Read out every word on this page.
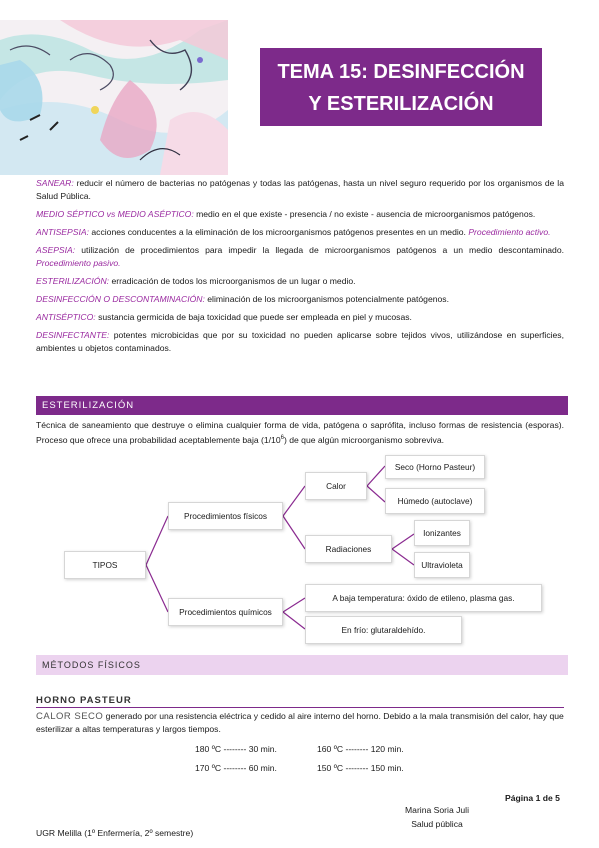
TEMA 15: DESINFECCIÓN
Y ESTERILIZACIÓN

SANEAR: reducir el número de bacterias no patógenas y todas las patógenas, hasta un nivel seguro requerido por los organismos de la Salud Pública.

MEDIO SÉPTICO vs MEDIO ASÉPTICO: medio en el que existe - presencia / no existe - ausencia de microorganismos patógenos.

ANTISEPSIA: acciones conducentes a la eliminación de los microorganismos patógenos presentes en un medio. Procedimiento activo.

ASEPSIA: utilización de procedimientos para impedir la llegada de microorganismos patógenos a un medio descontaminado. Procedimiento pasivo.

ESTERILIZACIÓN: erradicación de todos los microorganismos de un lugar o medio.

DESINFECCIÓN O DESCONTAMINACIÓN: eliminación de los microorganismos potencialmente patógenos.

ANTISÉPTICO: sustancia germicida de baja toxicidad que puede ser empleada en piel y mucosas.

DESINFECTANTE: potentes microbicidas que por su toxicidad no pueden aplicarse sobre tejidos vivos, utilizándose en superficies, ambientes u objetos contaminados.

ESTERILIZACIÓN

Técnica de saneamiento que destruye o elimina cualquier forma de vida, patógena o saprófita, incluso formas de resistencia (esporas). Proceso que ofrece una probabilidad aceptablemente baja $(1/10^6)$ de que algún microorganismo sobreviva.

TIPOS
Procedimientos físicos
Procedimientos químicos
Calor
Radiaciones
Seco (Horno Pasteur)
Húmedo (autoclave)
Ionizantes
Ultravioleta
A baja temperatura: óxido de etileno, plasma gas.
En frío: glutaraldehído.
MÉTODOS FÍSICOS
HORNO PASTEUR

CALOR SECO generado por una resistencia eléctrica y cedido al aire interno del horno. Debido a la mala transmisión del calor, hay que esterilizar a altas temperaturas y largos tiempos.

180 ºC -------- 30 min.	160 ºC -------- 120 min.
170 ºC -------- 60 min.	150 ºC -------- 150 min.
Página 1 de 5
Marina Soria Juli
Salud pública
UGR Melilla (1º Enfermería, 2º semestre)
